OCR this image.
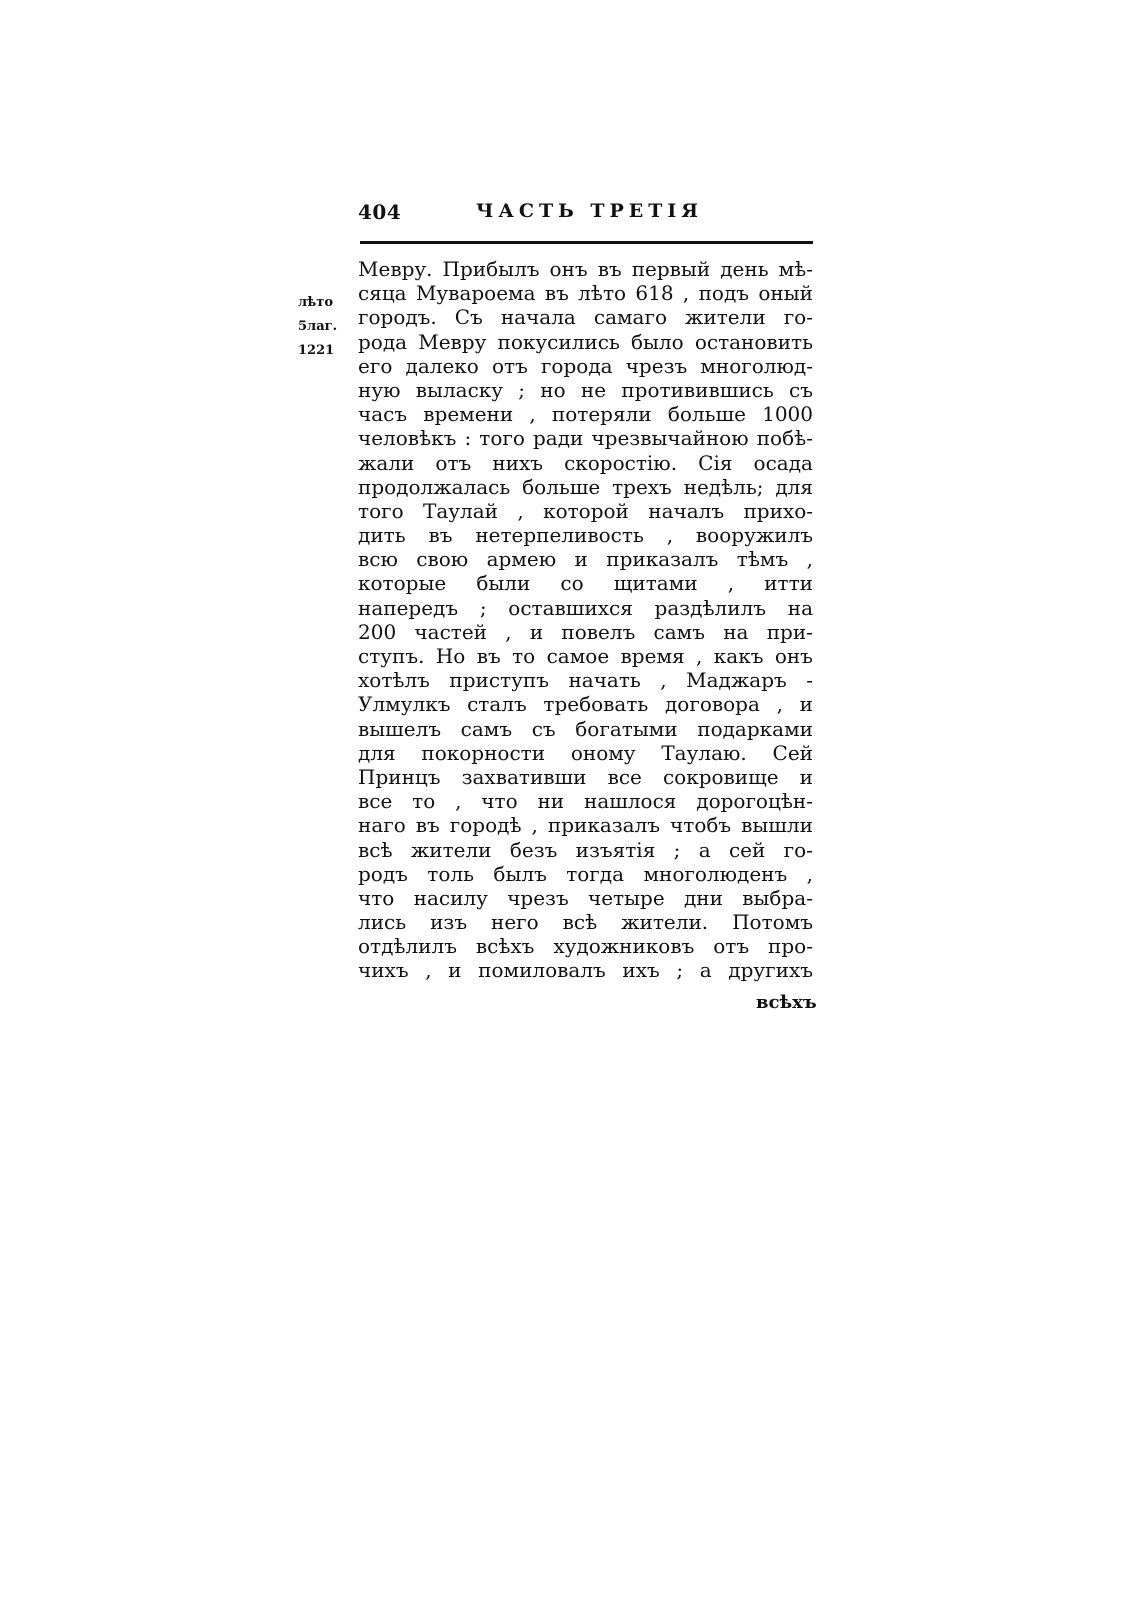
404	ЧАСТЬ ТРЕТІЯ
лѣто
5лаг.
1221
Мевру. Прибылъ онъ въ первый день мѣ-
сяца Мувароема въ лѣто 618 , подъ оный
городъ. Съ начала самаго жители го-
рода Мевру покусились было остановить
его далеко отъ города чрезъ многолюд-
ную выласку ; но не противившись съ
часъ времени , потеряли больше 1000
человѣкъ : того ради чрезвычайною побѣ-
жали отъ нихъ скоростію. Сія осада
продолжалась больше трехъ недѣль; для
того Таулай , которой началъ прихо-
дить въ нетерпеливость , вооружилъ
всю свою армею и приказалъ тѣмъ ,
которые были со щитами , итти
напередъ ; оставшихся раздѣлилъ на
200 частей , и повелъ самъ на при-
ступъ. Но въ то самое время , какъ онъ
хотѣлъ приступъ начать , Маджаръ -
Улмулкъ сталъ требовать договора , и
вышелъ самъ съ богатыми подарками
для покорности оному Таулаю. Сей
Принцъ захвативши все сокровище и
все то , что ни нашлося дорогоцѣн-
наго въ городѣ , приказалъ чтобъ вышли
всѣ жители безъ изъятія ; а сей го-
родъ толь былъ тогда многолюденъ ,
что насилу чрезъ четыре дни выбра-
лись изъ него всѣ жители. Потомъ
отдѣлилъ всѣхъ художниковъ отъ про-
чихъ , и помиловалъ ихъ ; а другихъ
всѣхъ
